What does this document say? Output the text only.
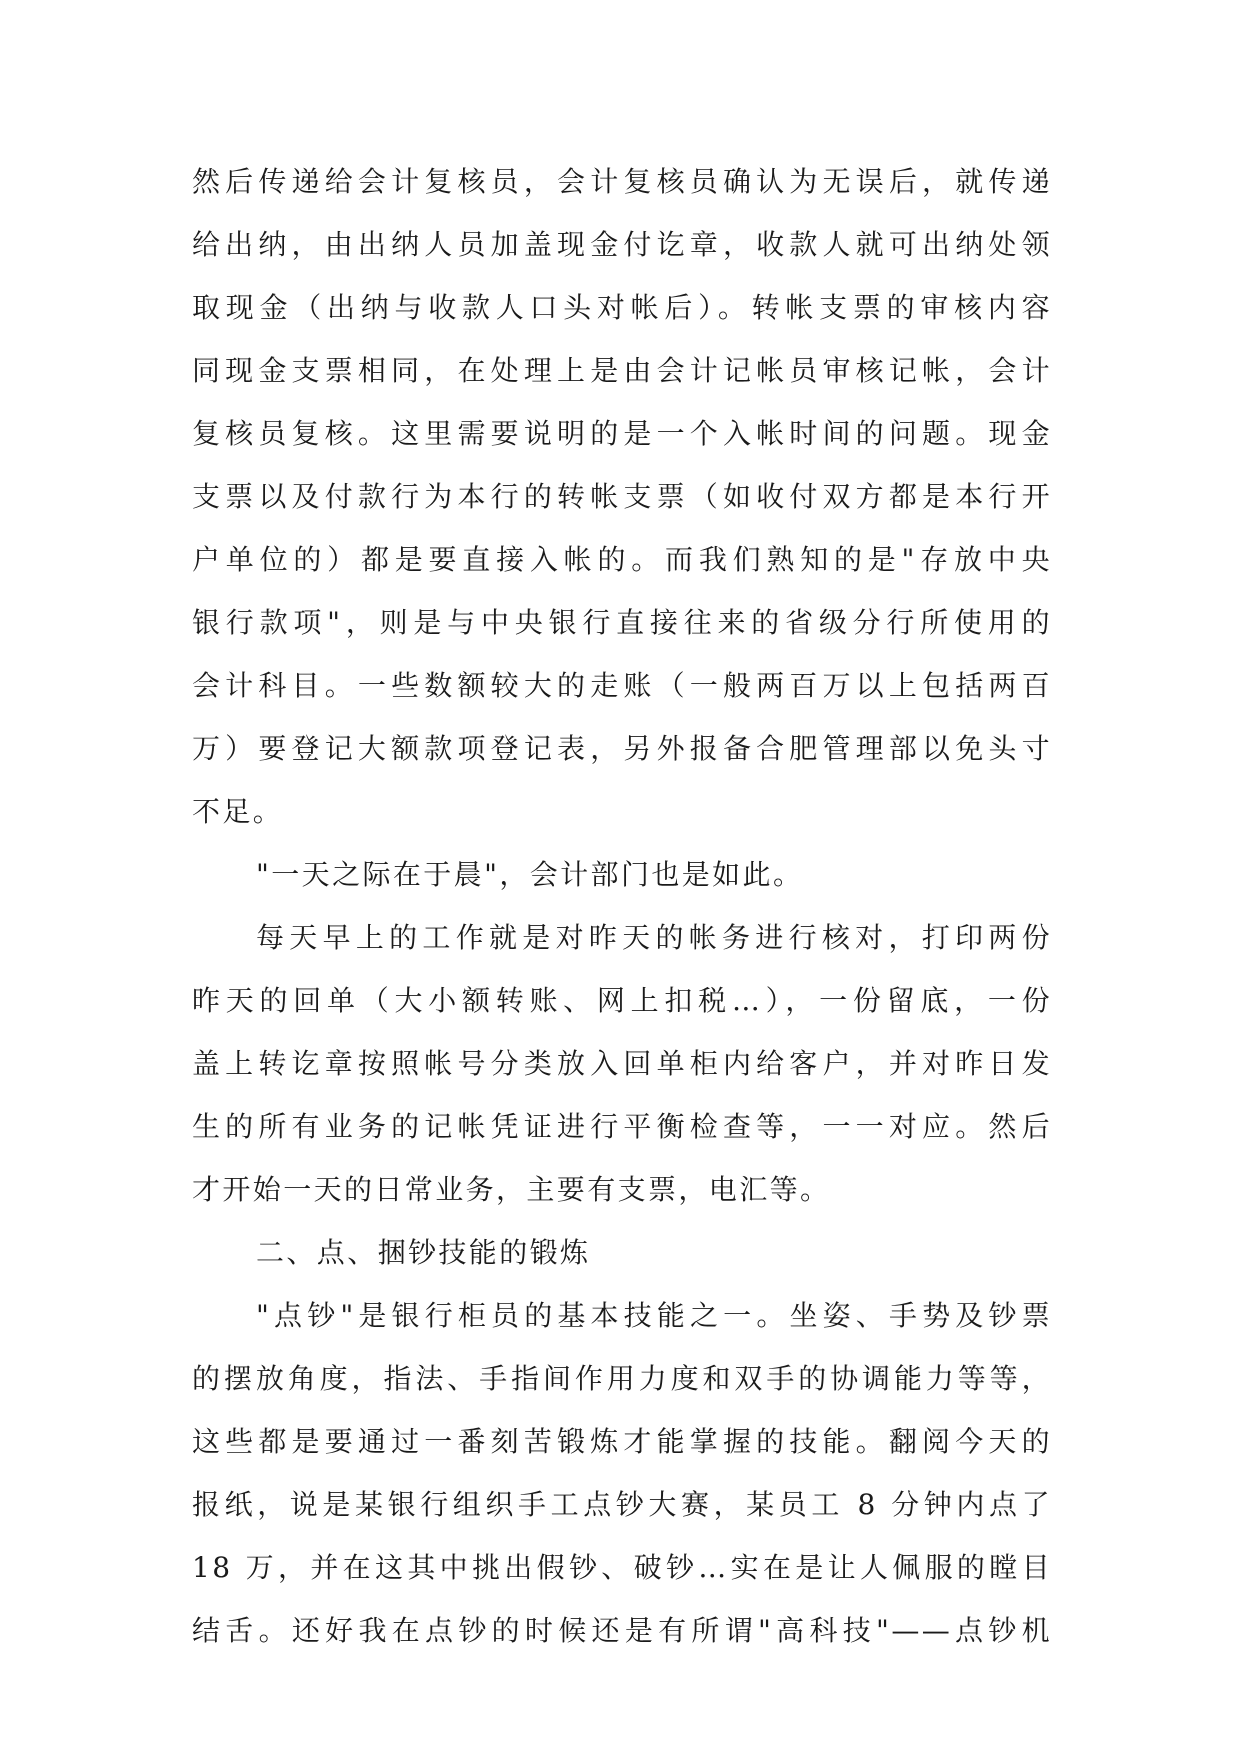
然后传递给会计复核员，会计复核员确认为无误后，就传递
给出纳，由出纳人员加盖现金付讫章，收款人就可出纳处领
取现金（出纳与收款人口头对帐后）。转帐支票的审核内容
同现金支票相同，在处理上是由会计记帐员审核记帐，会计
复核员复核。这里需要说明的是一个入帐时间的问题。现金
支票以及付款行为本行的转帐支票（如收付双方都是本行开
户单位的）都是要直接入帐的。而我们熟知的是"存放中央
银行款项"，则是与中央银行直接往来的省级分行所使用的
会计科目。一些数额较大的走账（一般两百万以上包括两百
万）要登记大额款项登记表，另外报备合肥管理部以免头寸
不足。
"一天之际在于晨"，会计部门也是如此。
每天早上的工作就是对昨天的帐务进行核对，打印两份
昨天的回单（大小额转账、网上扣税…），一份留底，一份
盖上转讫章按照帐号分类放入回单柜内给客户，并对昨日发
生的所有业务的记帐凭证进行平衡检查等，一一对应。然后
才开始一天的日常业务，主要有支票，电汇等。
二、点、捆钞技能的锻炼
"点钞"是银行柜员的基本技能之一。坐姿、手势及钞票
的摆放角度，指法、手指间作用力度和双手的协调能力等等，
这些都是要通过一番刻苦锻炼才能掌握的技能。翻阅今天的
报纸，说是某银行组织手工点钞大赛，某员工 8 分钟内点了
18 万，并在这其中挑出假钞、破钞…实在是让人佩服的瞠目
结舌。还好我在点钞的时候还是有所谓"高科技"——点钞机
